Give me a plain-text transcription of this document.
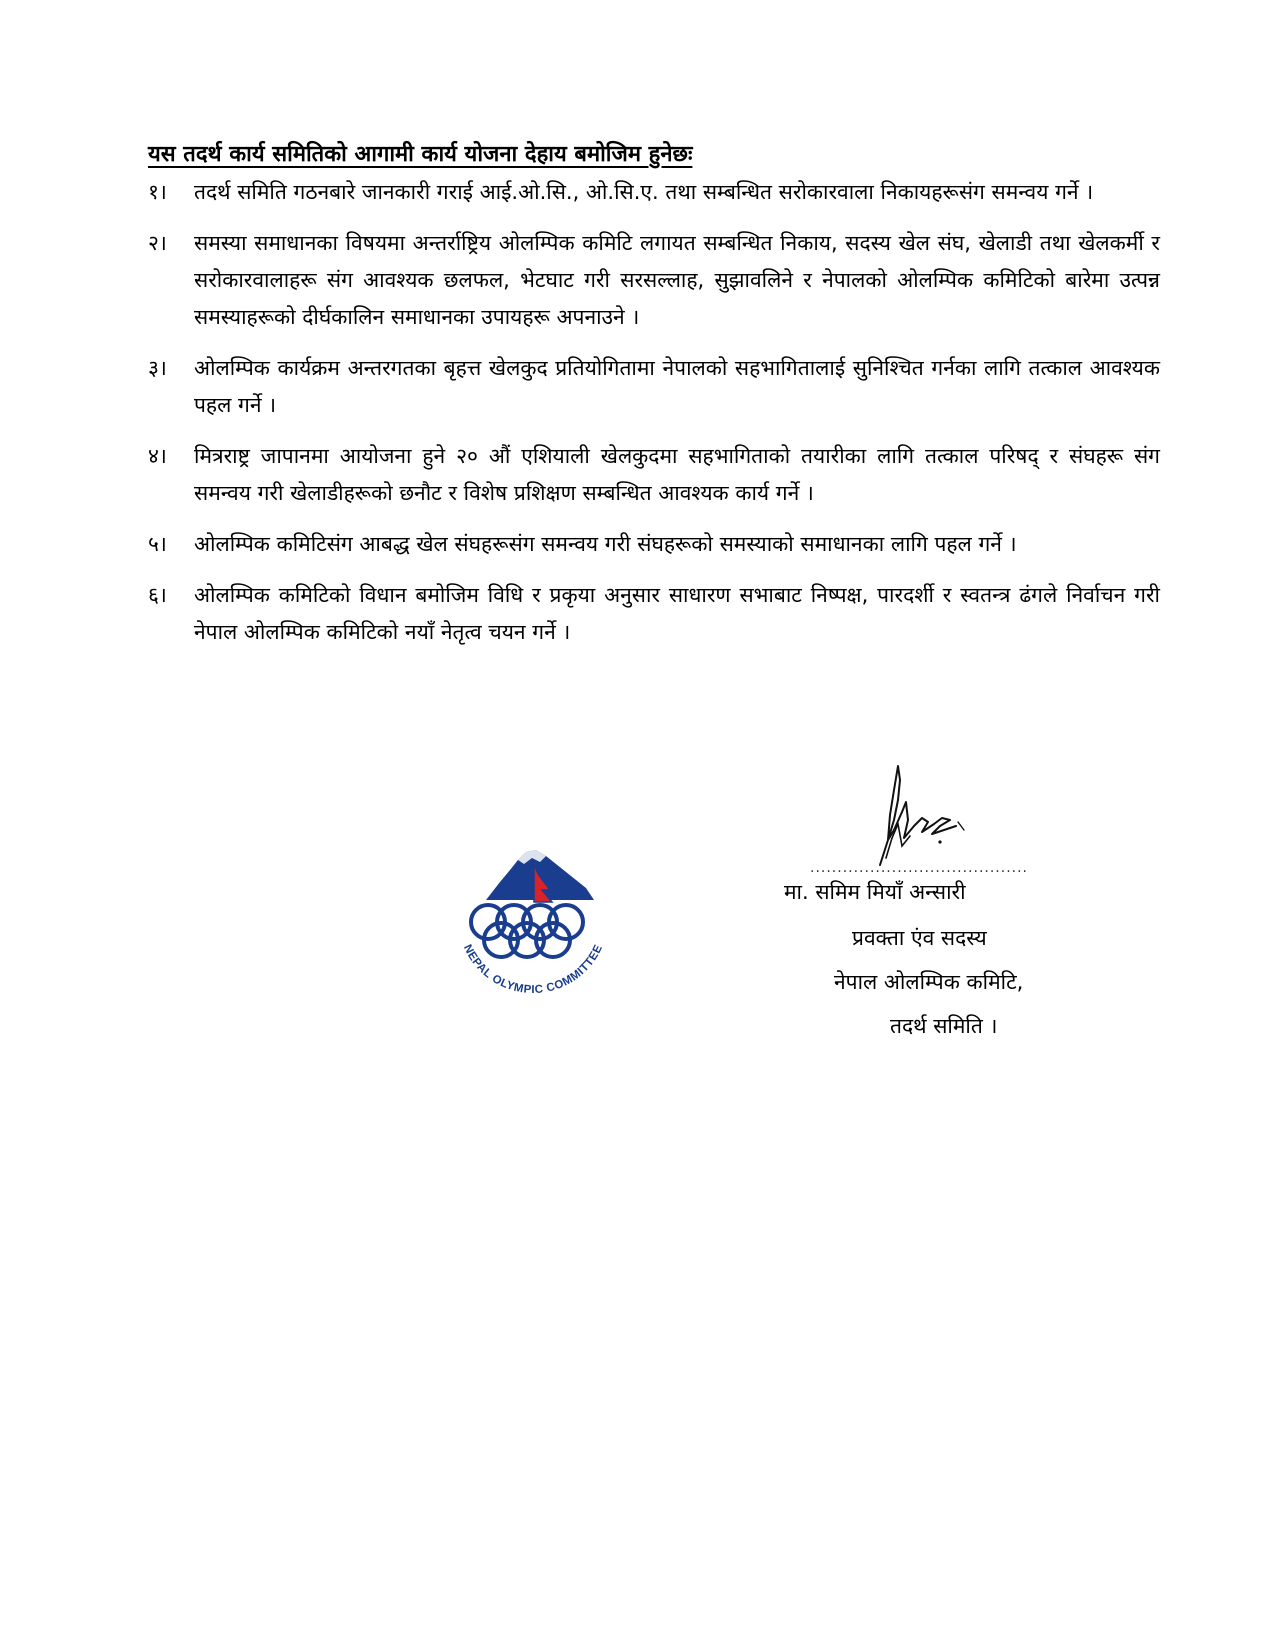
यस तदर्थ कार्य समितिको आगामी कार्य योजना देहाय बमोजिम हुनेछः
१।	तदर्थ समिति गठनबारे जानकारी गराई आई.ओ.सि., ओ.सि.ए. तथा सम्बन्धित सरोकारवाला निकायहरूसंग समन्वय गर्ने ।
२।	समस्या समाधानका विषयमा अन्तर्राष्ट्रिय ओलम्पिक कमिटि लगायत सम्बन्धित निकाय, सदस्य खेल संघ, खेलाडी तथा खेलकर्मी र सरोकारवालाहरू संग आवश्यक छलफल, भेटघाट गरी सरसल्लाह, सुझावलिने र नेपालको ओलम्पिक कमिटिको बारेमा उत्पन्न समस्याहरूको दीर्घकालिन समाधानका उपायहरू अपनाउने ।
३।	ओलम्पिक कार्यक्रम अन्तरगतका बृहत्त खेलकुद प्रतियोगितामा नेपालको सहभागितालाई सुनिश्चित गर्नका लागि तत्काल आवश्यक पहल गर्ने ।
४।	मित्रराष्ट्र जापानमा आयोजना हुने २० औं एशियाली खेलकुदमा सहभागिताको तयारीका लागि तत्काल परिषद् र संघहरू संग समन्वय गरी खेलाडीहरूको छनौट र विशेष प्रशिक्षण सम्बन्धित आवश्यक कार्य गर्ने ।
५।	ओलम्पिक कमिटिसंग आबद्ध खेल संघहरूसंग समन्वय गरी संघहरूको समस्याको समाधानका लागि पहल गर्ने ।
६।	ओलम्पिक कमिटिको विधान बमोजिम विधि र प्रकृया अनुसार साधारण सभाबाट निष्पक्ष, पारदर्शी र स्वतन्त्र ढंगले निर्वाचन गरी नेपाल ओलम्पिक कमिटिको नयाँ नेतृत्व चयन गर्ने ।
NEPAL OLYMPIC COMMITTEE
........................................
मा. समिम मियाँ अन्सारी
प्रवक्ता एंव सदस्य
नेपाल ओलम्पिक कमिटि,
तदर्थ समिति ।
